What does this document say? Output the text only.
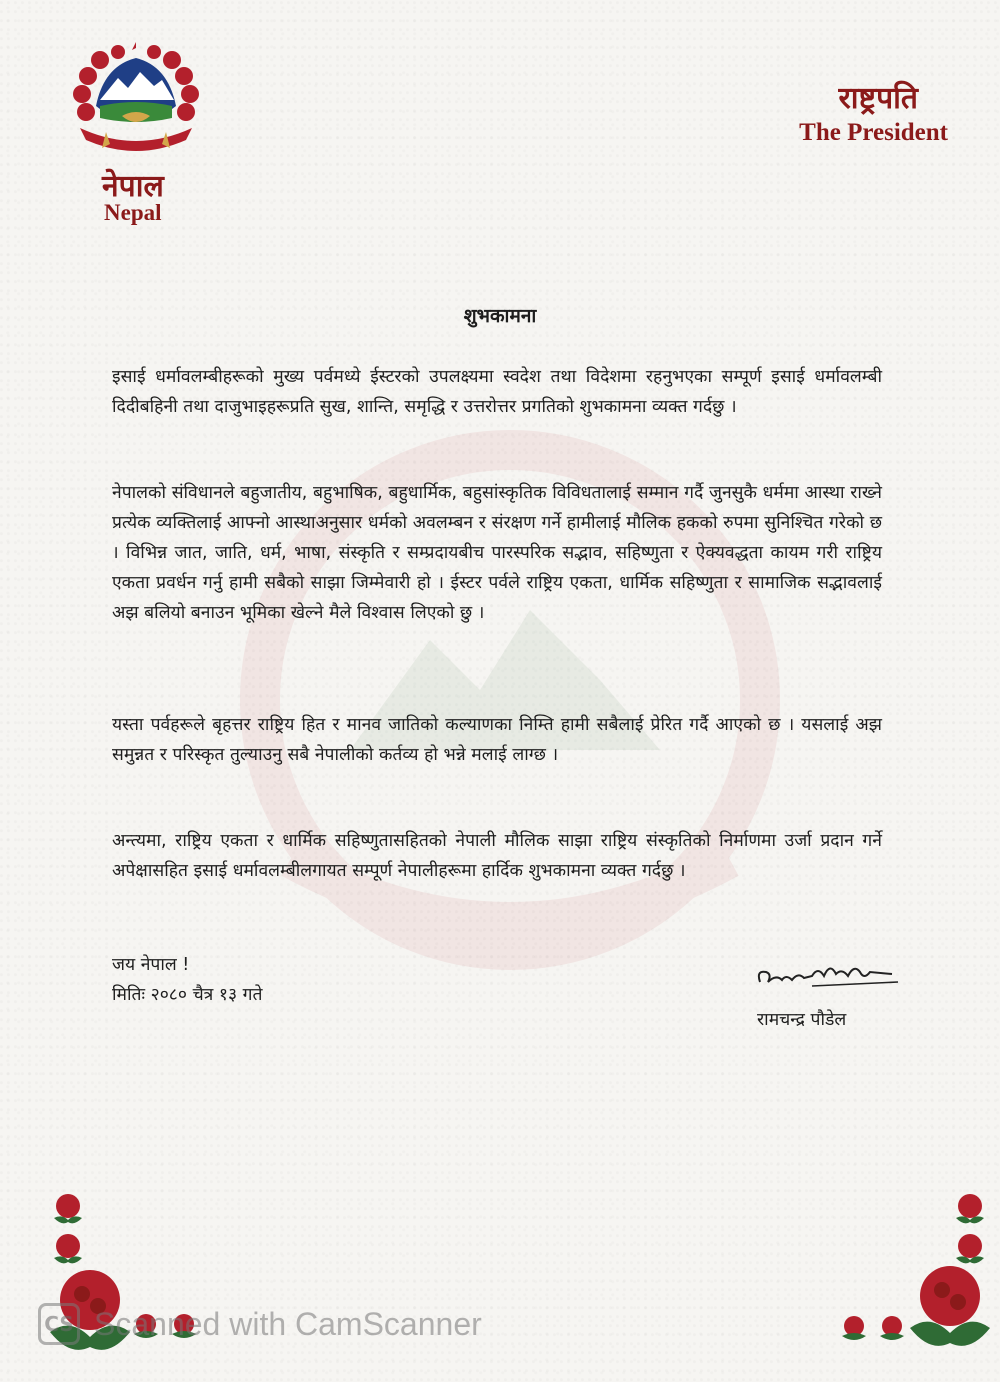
नेपाल
Nepal
राष्ट्रपति
The President
शुभकामना

इसाई धर्मावलम्बीहरूको मुख्य पर्वमध्ये ईस्टरको उपलक्ष्यमा स्वदेश तथा विदेशमा रहनुभएका सम्पूर्ण इसाई धर्मावलम्बी दिदीबहिनी तथा दाजुभाइहरूप्रति सुख, शान्ति, समृद्धि र उत्तरोत्तर प्रगतिको शुभकामना व्यक्त गर्दछु ।

नेपालको संविधानले बहुजातीय, बहुभाषिक, बहुधार्मिक, बहुसांस्कृतिक विविधतालाई सम्मान गर्दै जुनसुकै धर्ममा आस्था राख्ने प्रत्येक व्यक्तिलाई आफ्नो आस्थाअनुसार धर्मको अवलम्बन र संरक्षण गर्ने हामीलाई मौलिक हकको रुपमा सुनिश्चित गरेको छ । विभिन्न जात, जाति, धर्म, भाषा, संस्कृति र सम्प्रदायबीच पारस्परिक सद्भाव, सहिष्णुता र ऐक्यवद्धता कायम गरी राष्ट्रिय एकता प्रवर्धन गर्नु हामी सबैको साझा जिम्मेवारी हो । ईस्टर पर्वले राष्ट्रिय एकता, धार्मिक सहिष्णुता र सामाजिक सद्भावलाई अझ बलियो बनाउन भूमिका खेल्ने मैले विश्वास लिएको छु ।

यस्ता पर्वहरूले बृहत्तर राष्ट्रिय हित र मानव जातिको कल्याणका निम्ति हामी सबैलाई प्रेरित गर्दै आएको छ । यसलाई अझ समुन्नत र परिस्कृत तुल्याउनु सबै नेपालीको कर्तव्य हो भन्ने मलाई लाग्छ ।

अन्त्यमा, राष्ट्रिय एकता र धार्मिक सहिष्णुतासहितको नेपाली मौलिक साझा राष्ट्रिय संस्कृतिको निर्माणमा उर्जा प्रदान गर्ने अपेक्षासहित इसाई धर्मावलम्बीलगायत सम्पूर्ण नेपालीहरूमा हार्दिक शुभकामना व्यक्त गर्दछु ।

जय नेपाल !
मितिः २०८० चैत्र १३ गते
रामचन्द्र पौडेल
CS Scanned with CamScanner
